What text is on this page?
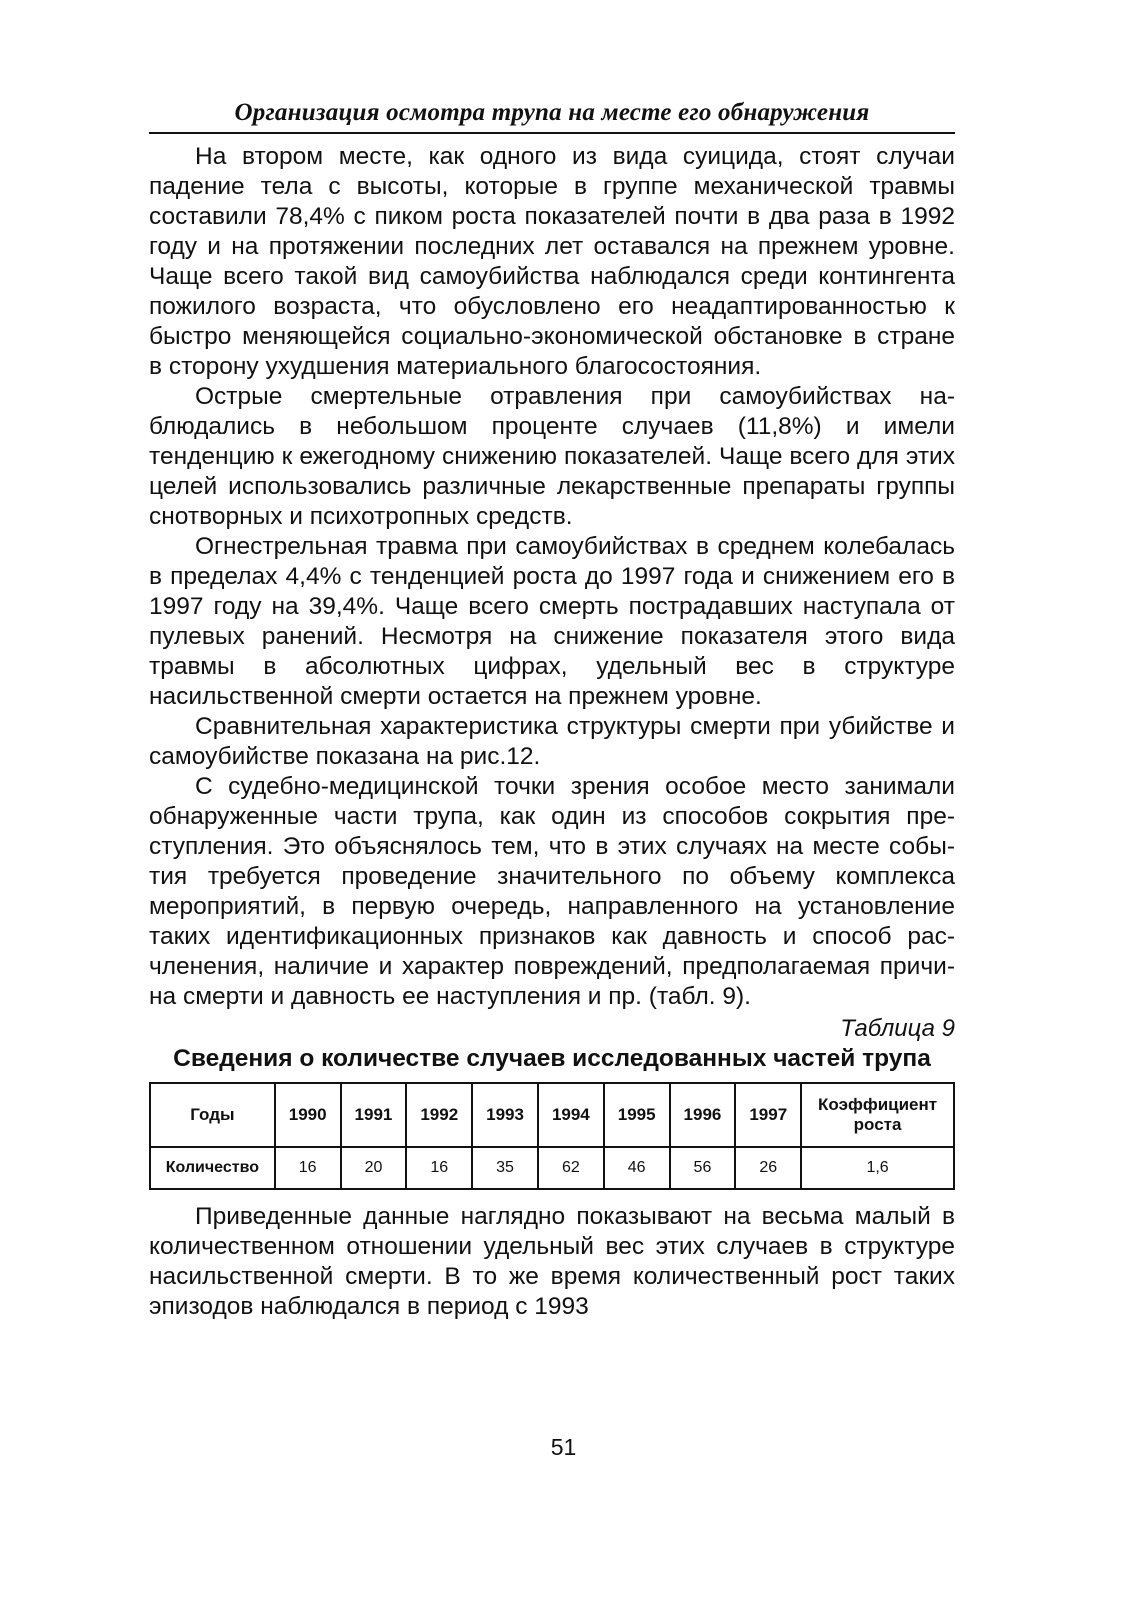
Организация осмотра трупа на месте его обнаружения

На втором месте, как одного из вида суицида, стоят случаи падение тела с высоты, которые в группе механической травмы составили 78,4% с пиком роста показателей почти в два раза в 1992 году и на протяжении последних лет оставался на прежнем уровне. Чаще всего такой вид самоубийства наблюдался среди контингента пожилого возраста, что обусловлено его неадаптированностью к быстро меняющейся социально-экономической обстановке в стране в сторону ухудшения материального благосостояния.

Острые смертельные отравления при самоубийствах наблюдались в небольшом проценте случаев (11,8%) и имели тенденцию к ежегодному снижению показателей. Чаще всего для этих целей использовались различные лекарственные препараты группы снотворных и психотропных средств.

Огнестрельная травма при самоубийствах в среднем колебалась в пределах 4,4% с тенденцией роста до 1997 года и снижением его в 1997 году на 39,4%. Чаще всего смерть пострадавших наступала от пулевых ранений. Несмотря на снижение показателя этого вида травмы в абсолютных цифрах, удельный вес в структуре насильственной смерти остается на прежнем уровне.

Сравнительная характеристика структуры смерти при убийстве и самоубийстве показана на рис.12.

С судебно-медицинской точки зрения особое место занимали обнаруженные части трупа, как один из способов сокрытия преступления. Это объяснялось тем, что в этих случаях на месте события требуется проведение значительного по объему комплекса мероприятий, в первую очередь, направленного на установление таких идентификационных признаков как давность и способ расчленения, наличие и характер повреждений, предполагаемая причина смерти и давность ее наступления и пр. (табл. 9).

Таблица 9
Сведения о количестве случаев исследованных частей трупа
Годы	1990	1991	1992	1993	1994	1995	1996	1997	Коэффициент роста
Количество	16	20	16	35	62	46	56	26	1,6

Приведенные данные наглядно показывают на весьма малый в количественном отношении удельный вес этих случаев в структуре насильственной смерти. В то же время количественный рост таких эпизодов наблюдался в период с 1993

51
